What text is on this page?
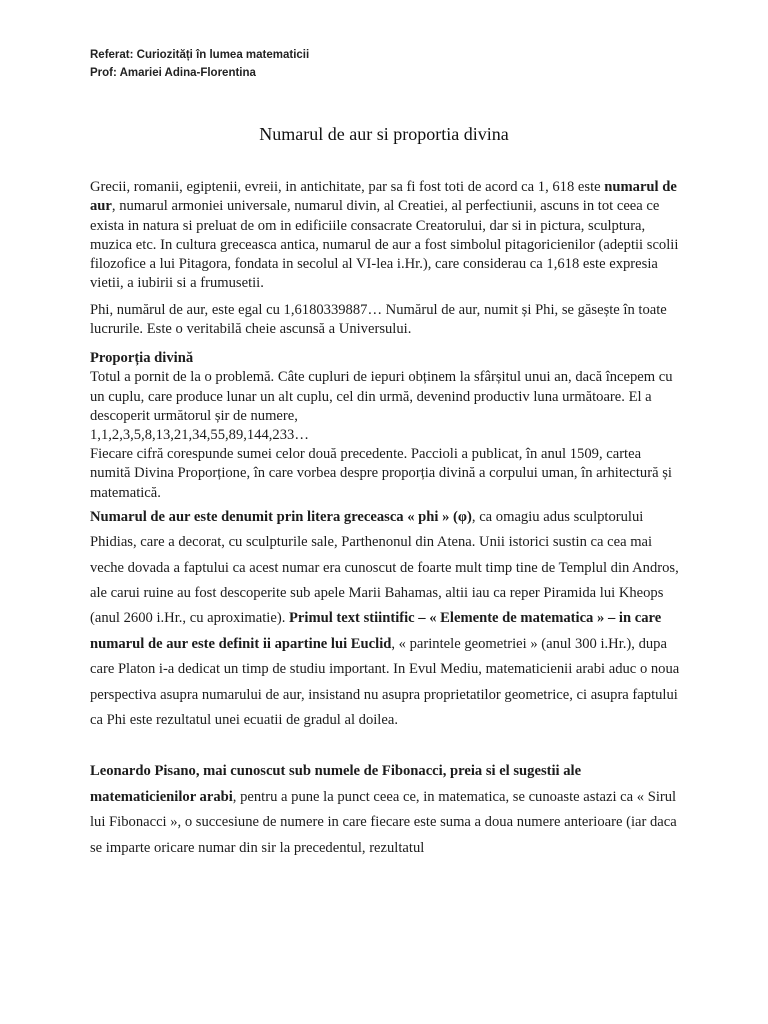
Referat: Curiozități în lumea matematicii
Prof: Amariei Adina-Florentina
Numarul de aur si proportia divina

Grecii, romanii, egiptenii, evreii, in antichitate, par sa fi fost toti de acord ca 1, 618 este numarul de aur, numarul armoniei universale, numarul divin, al Creatiei, al perfectiunii, ascuns in tot ceea ce exista in natura si preluat de om in edificiile consacrate Creatorului, dar si in pictura, sculptura, muzica etc. In cultura greceasca antica, numarul de aur a fost simbolul pitagoricienilor (adeptii scolii filozofice a lui Pitagora, fondata in secolul al VI-lea i.Hr.), care considerau ca 1,618 este expresia vietii, a iubirii si a frumusetii.

Phi, numărul de aur, este egal cu 1,6180339887… Numărul de aur, numit și Phi, se găsește în toate lucrurile. Este o veritabilă cheie ascunsă a Universului.

Proporția divină

Totul a pornit de la o problemă. Câte cupluri de iepuri obținem la sfârșitul unui an, dacă începem cu un cuplu, care produce lunar un alt cuplu, cel din urmă, devenind productiv luna următoare. El a descoperit următorul șir de numere,
1,1,2,3,5,8,13,21,34,55,89,144,233…
Fiecare cifră corespunde sumei celor două precedente. Paccioli a publicat, în anul 1509, cartea numită Divina Proporțione, în care vorbea despre proporția divină a corpului uman, în arhitectură și matematică.

Numarul de aur este denumit prin litera greceasca « phi » (φ), ca omagiu adus sculptorului Phidias, care a decorat, cu sculpturile sale, Parthenonul din Atena. Unii istorici sustin ca cea mai veche dovada a faptului ca acest numar era cunoscut de foarte mult timp tine de Templul din Andros, ale carui ruine au fost descoperite sub apele Marii Bahamas, altii iau ca reper Piramida lui Kheops (anul 2600 i.Hr., cu aproximatie). Primul text stiintific – « Elemente de matematica » – in care numarul de aur este definit ii apartine lui Euclid, « parintele geometriei » (anul 300 i.Hr.), dupa care Platon i-a dedicat un timp de studiu important. In Evul Mediu, matematicienii arabi aduc o noua perspectiva asupra numarului de aur, insistand nu asupra proprietatilor geometrice, ci asupra faptului ca Phi este rezultatul unei ecuatii de gradul al doilea.

Leonardo Pisano, mai cunoscut sub numele de Fibonacci, preia si el sugestii ale matematicienilor arabi, pentru a pune la punct ceea ce, in matematica, se cunoaste astazi ca « Sirul lui Fibonacci », o succesiune de numere in care fiecare este suma a doua numere anterioare (iar daca se imparte oricare numar din sir la precedentul, rezultatul
